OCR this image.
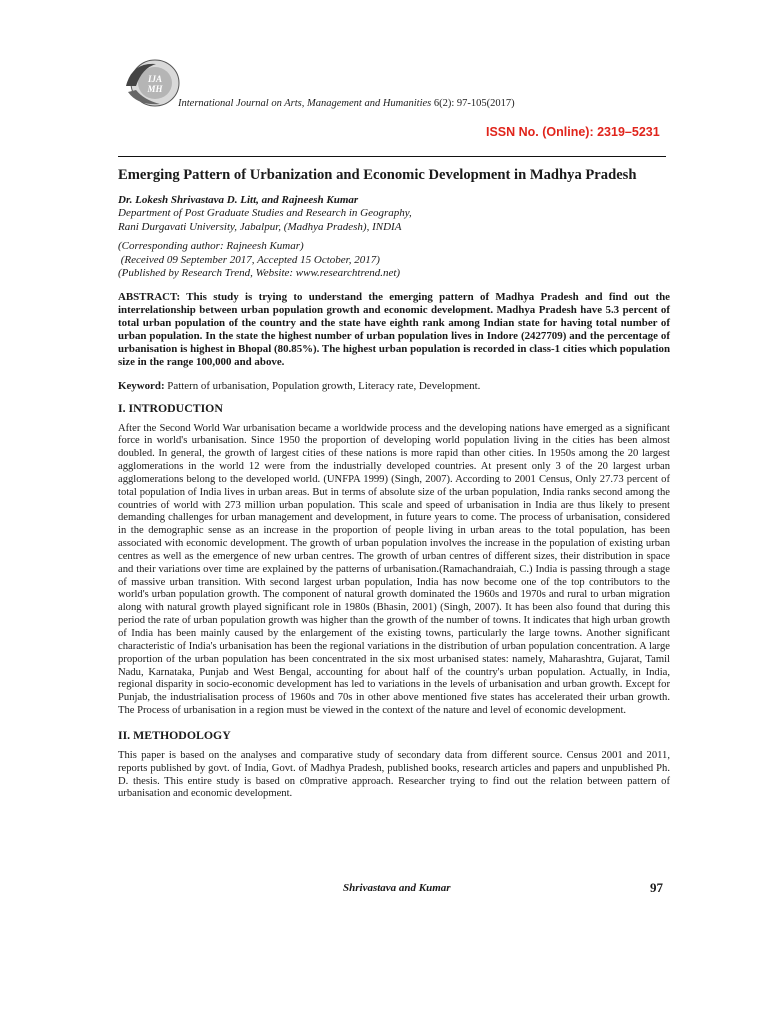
IJA
MH
International Journal on Arts, Management and Humanities 6(2): 97-105(2017)
ISSN No. (Online): 2319–5231
Emerging Pattern of Urbanization and Economic Development in Madhya Pradesh
Dr. Lokesh Shrivastava D. Litt, and Rajneesh Kumar
Department of Post Graduate Studies and Research in Geography,
Rani Durgavati University, Jabalpur, (Madhya Pradesh), INDIA
(Corresponding author: Rajneesh Kumar)
(Received 09 September 2017, Accepted 15 October, 2017)
(Published by Research Trend, Website: www.researchtrend.net)
ABSTRACT: This study is trying to understand the emerging pattern of Madhya Pradesh and find out the interrelationship between urban population growth and economic development. Madhya Pradesh have 5.3 percent of total urban population of the country and the state have eighth rank among Indian state for having total number of urban population. In the state the highest number of urban population lives in Indore (2427709) and the percentage of urbanisation is highest in Bhopal (80.85%). The highest urban population is recorded in class-1 cities which population size in the range 100,000 and above.
Keyword: Pattern of urbanisation, Population growth, Literacy rate, Development.
I. INTRODUCTION
After the Second World War urbanisation became a worldwide process and the developing nations have emerged as a significant force in world's urbanisation. Since 1950 the proportion of developing world population living in the cities has been almost doubled. In general, the growth of largest cities of these nations is more rapid than other cities. In 1950s among the 20 largest agglomerations in the world 12 were from the industrially developed countries. At present only 3 of the 20 largest urban agglomerations belong to the developed world. (UNFPA 1999) (Singh, 2007). According to 2001 Census, Only 27.73 percent of total population of India lives in urban areas. But in terms of absolute size of the urban population, India ranks second among the countries of world with 273 million urban population. This scale and speed of urbanisation in India are thus likely to present demanding challenges for urban management and development, in future years to come. The process of urbanisation, considered in the demographic sense as an increase in the proportion of people living in urban areas to the total population, has been associated with economic development. The growth of urban population involves the increase in the population of existing urban centres as well as the emergence of new urban centres. The growth of urban centres of different sizes, their distribution in space and their variations over time are explained by the patterns of urbanisation.(Ramachandraiah, C.) India is passing through a stage of massive urban transition. With second largest urban population, India has now become one of the top contributors to the world's urban population growth. The component of natural growth dominated the 1960s and 1970s and rural to urban migration along with natural growth played significant role in 1980s (Bhasin, 2001) (Singh, 2007). It has been also found that during this period the rate of urban population growth was higher than the growth of the number of towns. It indicates that high urban growth of India has been mainly caused by the enlargement of the existing towns, particularly the large towns. Another significant characteristic of India's urbanisation has been the regional variations in the distribution of urban population concentration. A large proportion of the urban population has been concentrated in the six most urbanised states: namely, Maharashtra, Gujarat, Tamil Nadu, Karnataka, Punjab and West Bengal, accounting for about half of the country's urban population. Actually, in India, regional disparity in socio-economic development has led to variations in the levels of urbanisation and urban growth. Except for Punjab, the industrialisation process of 1960s and 70s in other above mentioned five states has accelerated their urban growth. The Process of urbanisation in a region must be viewed in the context of the nature and level of economic development.
II. METHODOLOGY
This paper is based on the analyses and comparative study of secondary data from different source. Census 2001 and 2011, reports published by govt. of India, Govt. of Madhya Pradesh, published books, research articles and papers and unpublished Ph. D. thesis. This entire study is based on c0mprative approach. Researcher trying to find out the relation between pattern of urbanisation and economic development.
Shrivastava and Kumar	97
